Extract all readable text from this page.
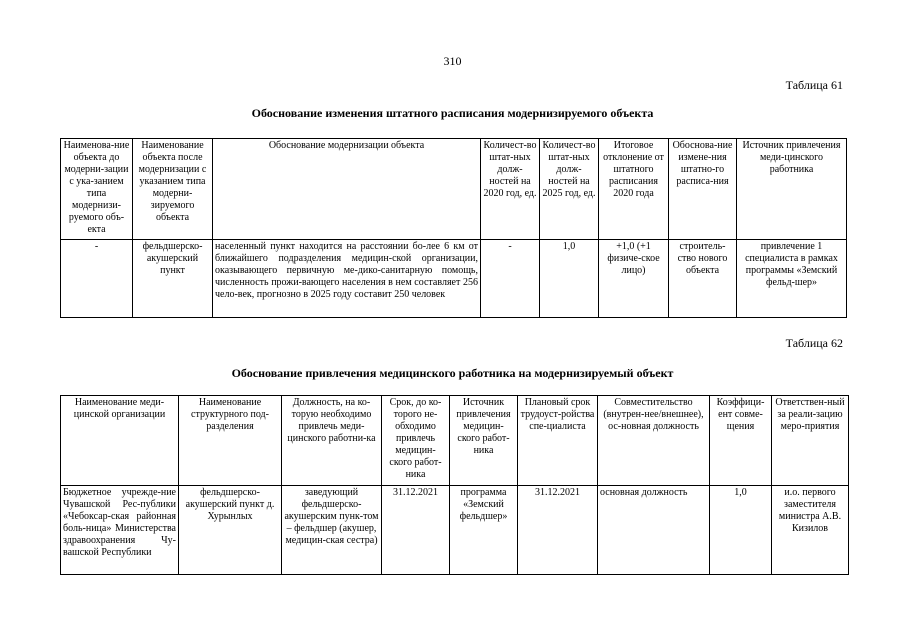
310
Таблица 61
Обоснование изменения штатного расписания модернизируемого объекта
Наименова-ние объекта до модерни-зации с ука-занием типа модернизи-руемого объ-екта	Наименование объекта после модернизации с указанием типа модерни-зируемого объекта	Обоснование модернизации объекта	Количест-во штат-ных долж-ностей на 2020 год, ед.	Количест-во штат-ных долж-ностей на 2025 год, ед.	Итоговое отклонение от штатного расписания 2020 года	Обоснова-ние измене-ния штатно-го расписа-ния	Источник привлечения меди-цинского работника
-	фельдшерско-акушерский пункт	населенный пункт находится на расстоянии бо-лее 6 км от ближайшего подразделения медицин-ской организации, оказывающего первичную ме-дико-санитарную помощь, численность прожи-вающего населения в нем составляет 256 чело-век, прогнозно в 2025 году составит 250 человек	-	1,0	+1,0 (+1 физиче-ское лицо)	строитель-ство нового объекта	привлечение 1 специалиста в рамках программы «Земский фельд-шер»
Таблица 62
Обоснование привлечения медицинского работника на модернизируемый объект
Наименование меди-цинской организации	Наименование структурного под-разделения	Должность, на ко-торую необходимо привлечь меди-цинского работни-ка	Срок, до ко-торого не-обходимо привлечь медицин-ского работ-ника	Источник привлечения медицин-ского работ-ника	Плановый срок трудоуст-ройства спе-циалиста	Совместительство (внутрен-нее/внешнее), ос-новная должность	Коэффици-ент совме-щения	Ответствен-ный за реали-зацию меро-приятия
Бюджетное учрежде-ние Чувашской Рес-публики «Чебоксар-ская районная боль-ница» Министерства здравоохранения Чу-вашской Республики	фельдшерско-акушерский пункт д. Хурынлых	заведующий фельдшерско-акушерским пунк-том – фельдшер (акушер, медицин-ская сестра)	31.12.2021	программа «Земский фельдшер»	31.12.2021	основная должность	1,0	и.о. первого заместителя министра А.В. Кизилов
